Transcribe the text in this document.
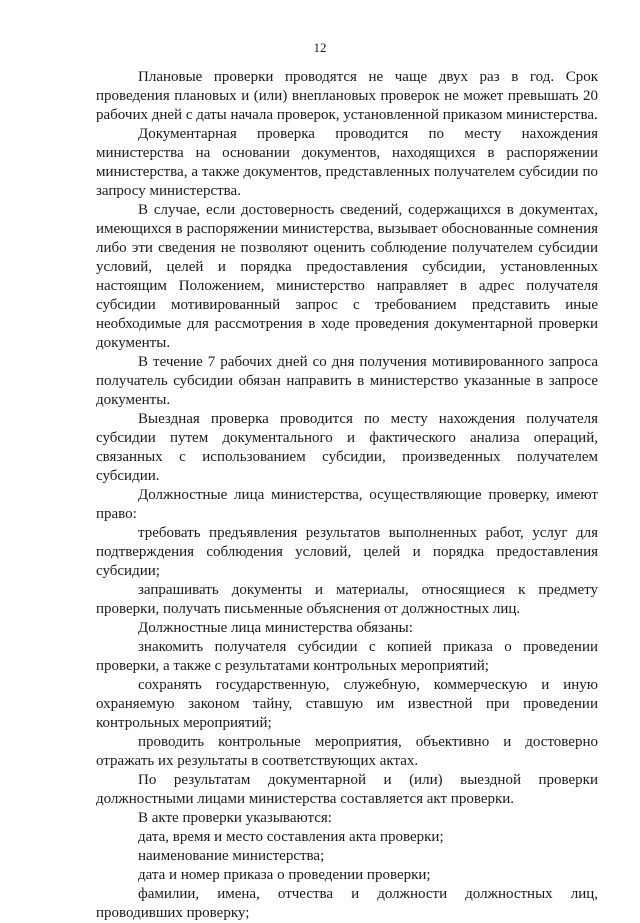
12

Плановые проверки проводятся не чаще двух раз в год. Срок проведения плановых и (или) внеплановых проверок не может превышать 20 рабочих дней с даты начала проверок, установленной приказом министерства.

Документарная проверка проводится по месту нахождения министерства на основании документов, находящихся в распоряжении министерства, а также документов, представленных получателем субсидии по запросу министерства.

В случае, если достоверность сведений, содержащихся в документах, имеющихся в распоряжении министерства, вызывает обоснованные сомнения либо эти сведения не позволяют оценить соблюдение получателем субсидии условий, целей и порядка предоставления субсидии, установленных настоящим Положением, министерство направляет в адрес получателя субсидии мотивированный запрос с требованием представить иные необходимые для рассмотрения в ходе проведения документарной проверки документы.

В течение 7 рабочих дней со дня получения мотивированного запроса получатель субсидии обязан направить в министерство указанные в запросе документы.

Выездная проверка проводится по месту нахождения получателя субсидии путем документального и фактического анализа операций, связанных с использованием субсидии, произведенных получателем субсидии.

Должностные лица министерства, осуществляющие проверку, имеют право:

требовать предъявления результатов выполненных работ, услуг для подтверждения соблюдения условий, целей и порядка предоставления субсидии;

запрашивать документы и материалы, относящиеся к предмету проверки, получать письменные объяснения от должностных лиц.

Должностные лица министерства обязаны:

знакомить получателя субсидии с копией приказа о проведении проверки, а также с результатами контрольных мероприятий;

сохранять государственную, служебную, коммерческую и иную охраняемую законом тайну, ставшую им известной при проведении контрольных мероприятий;

проводить контрольные мероприятия, объективно и достоверно отражать их результаты в соответствующих актах.

По результатам документарной и (или) выездной проверки должностными лицами министерства составляется акт проверки.

В акте проверки указываются:

дата, время и место составления акта проверки;

наименование министерства;

дата и номер приказа о проведении проверки;

фамилии, имена, отчества и должности должностных лиц, проводивших проверку;
